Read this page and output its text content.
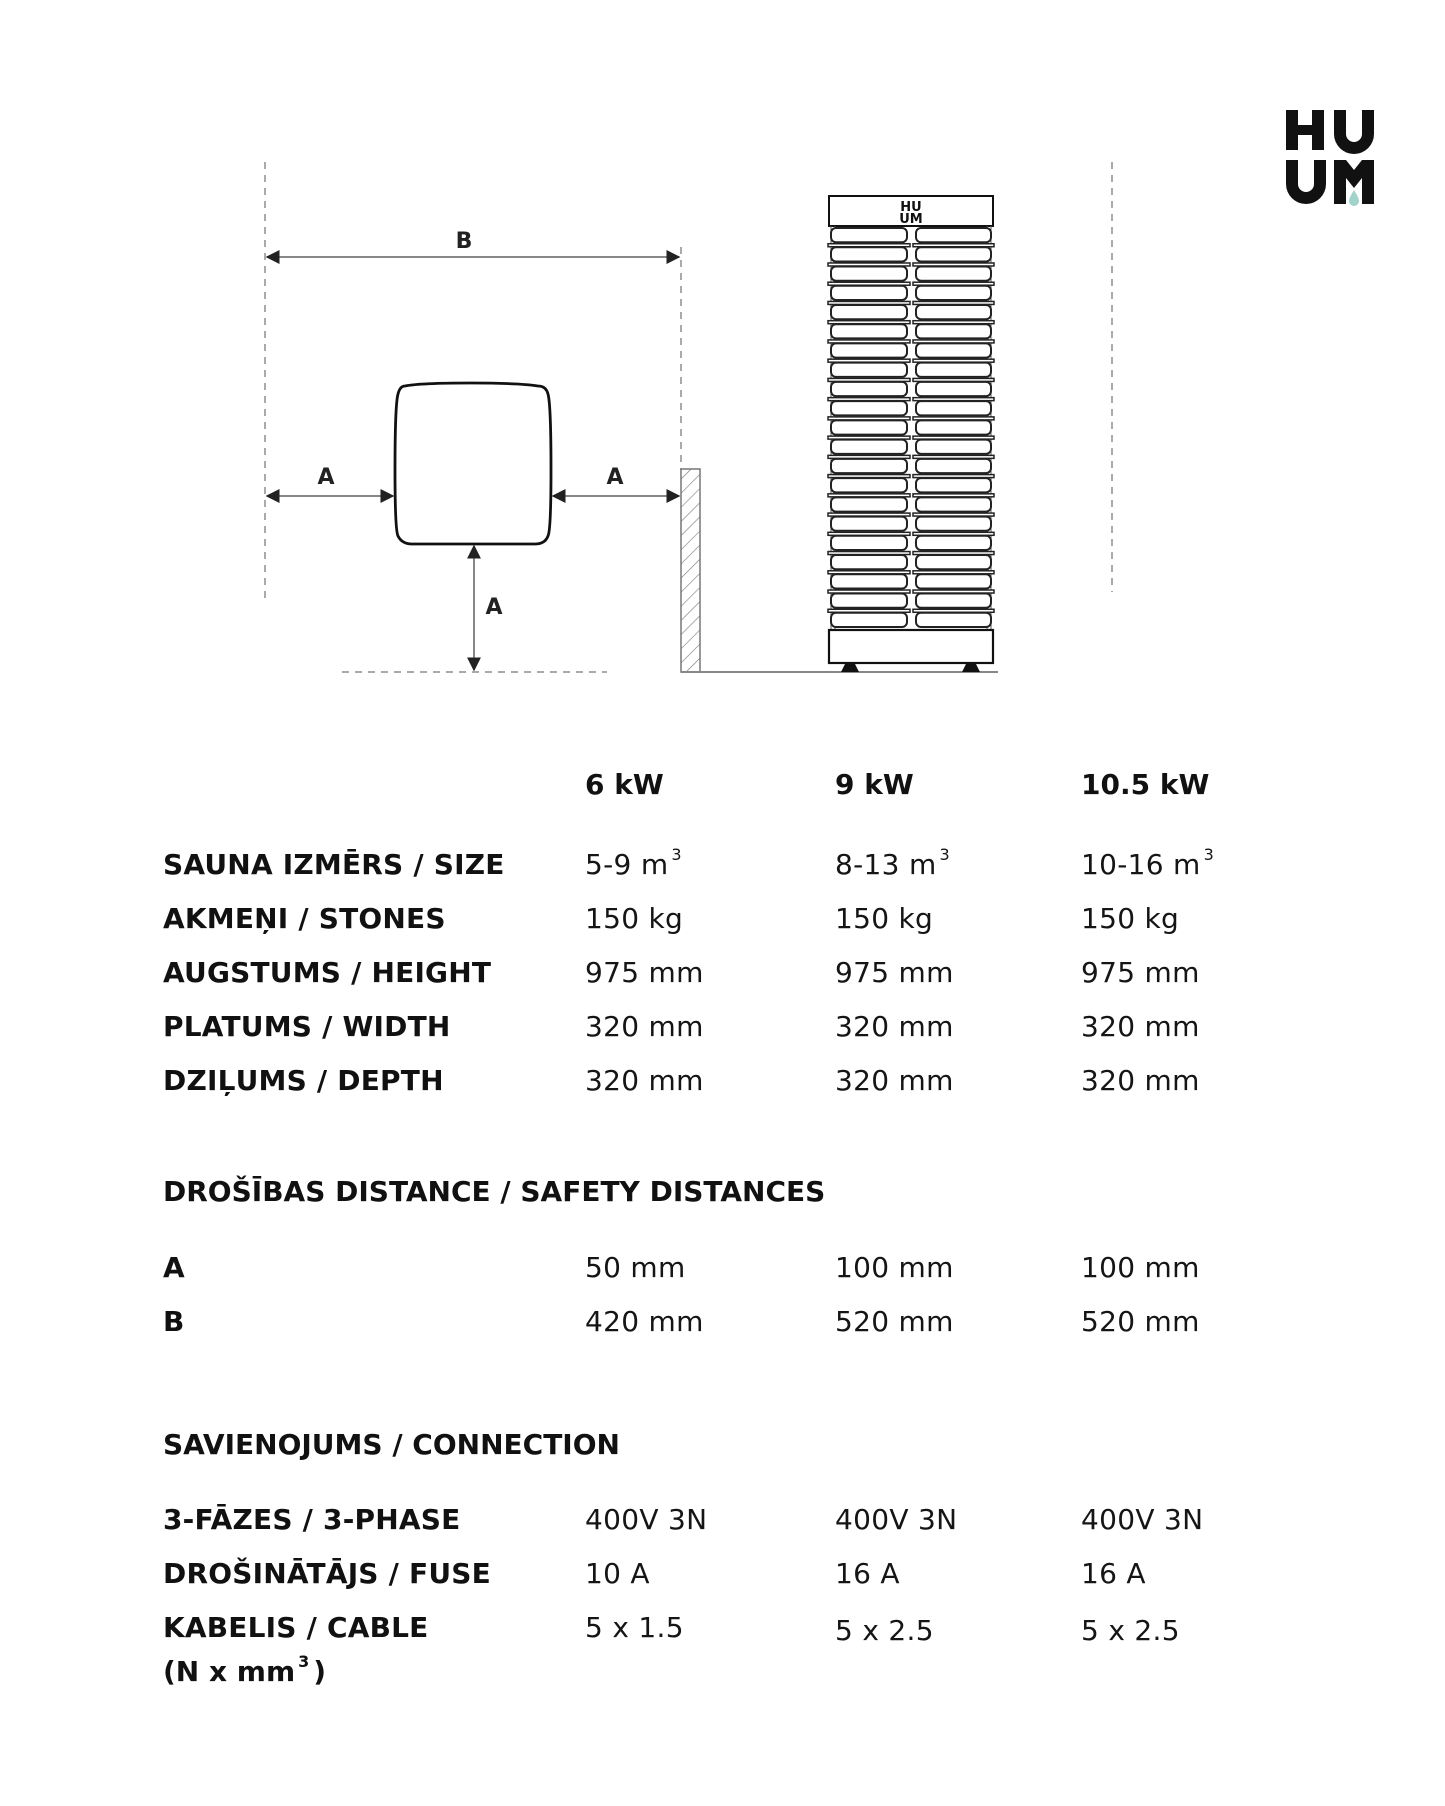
B
A	A
A
HU
UM
6 kW	9 kW	10.5 kW
SAUNA IZMĒRS / SIZE	5-9 m $^3$	8-13 m $^3$	10-16 m $^3$
AKMEŅI / STONES	150 kg	150 kg	150 kg
AUGSTUMS / HEIGHT	975 mm	975 mm	975 mm
PLATUMS / WIDTH	320 mm	320 mm	320 mm
DZIĻUMS / DEPTH	320 mm	320 mm	320 mm
DROŠĪBAS DISTANCE / SAFETY DISTANCES
A	50 mm	100 mm	100 mm
B	420 mm	520 mm	520 mm
SAVIENOJUMS / CONNECTION
3-FĀZES / 3-PHASE	400V 3N	400V 3N	400V 3N
DROŠINĀTĀJS / FUSE	10 A	16 A	16 A
KABELIS / CABLE	5 x 1.5	5 x 2.5	5 x 2.5
(N x mm $^3$ )
